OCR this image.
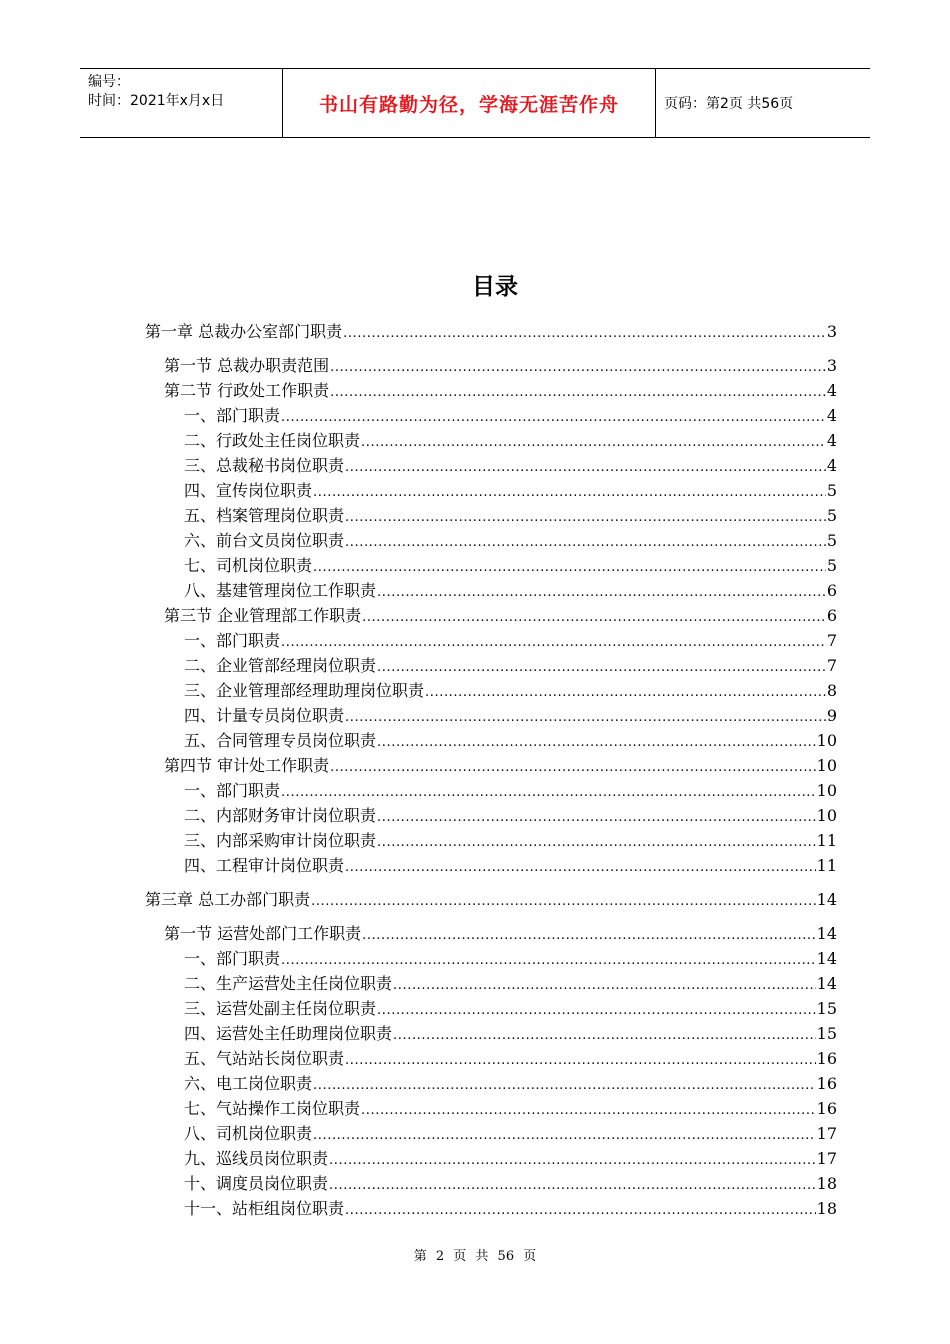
编号：
时间：2021年x月x日	书山有路勤为径，学海无涯苦作舟	页码：第2页 共56页
目录
第一章 总裁办公室部门职责 .....	3
第一节 总裁办职责范围 .....	3
第二节 行政处工作职责 .....	4
一、部门职责 .....	4
二、行政处主任岗位职责 .....	4
三、总裁秘书岗位职责 .....	4
四、宣传岗位职责 .....	5
五、档案管理岗位职责 .....	5
六、前台文员岗位职责 .....	5
七、司机岗位职责 .....	5
八、基建管理岗位工作职责 .....	6
第三节 企业管理部工作职责 .....	6
一、部门职责 .....	7
二、企业管部经理岗位职责 .....	7
三、企业管理部经理助理岗位职责 .....	8
四、计量专员岗位职责 .....	9
五、合同管理专员岗位职责 .....	10
第四节 审计处工作职责 .....	10
一、部门职责 .....	10
二、内部财务审计岗位职责 .....	10
三、内部采购审计岗位职责 .....	11
四、工程审计岗位职责 .....	11
第三章 总工办部门职责 .....	14
第一节 运营处部门工作职责 .....	14
一、部门职责 .....	14
二、生产运营处主任岗位职责 .....	14
三、运营处副主任岗位职责 .....	15
四、运营处主任助理岗位职责 .....	15
五、气站站长岗位职责 .....	16
六、电工岗位职责 .....	16
七、气站操作工岗位职责 .....	16
八、司机岗位职责 .....	17
九、巡线员岗位职责 .....	17
十、调度员岗位职责 .....	18
十一、站柜组岗位职责 .....	18
第 2 页 共 56 页
